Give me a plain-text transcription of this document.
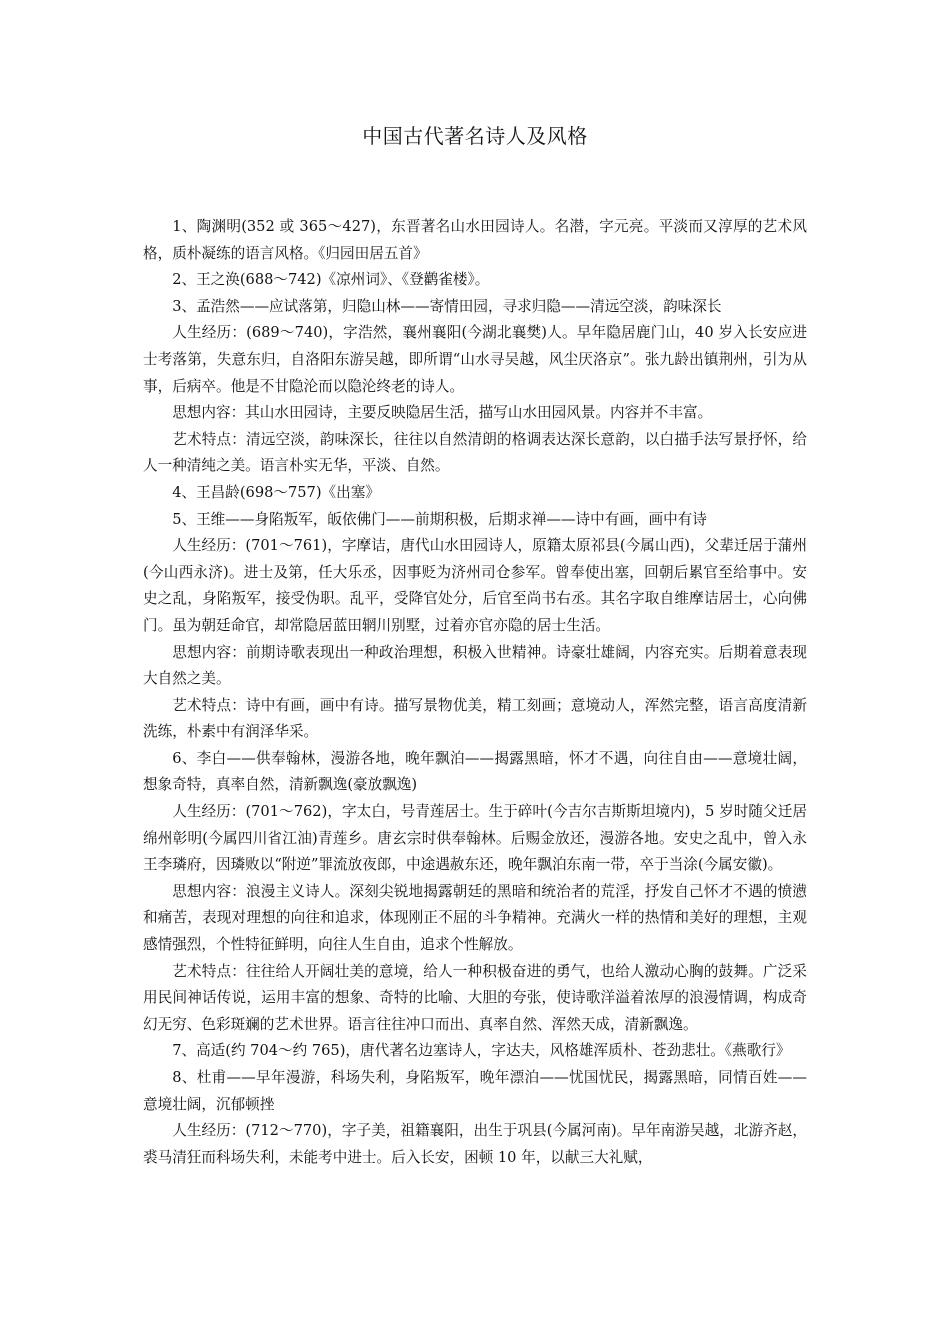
中国古代著名诗人及风格

1、陶渊明(352 或 365～427)，东晋著名山水田园诗人。名潜，字元亮。平淡而又淳厚的艺术风格，质朴凝练的语言风格。《归园田居五首》

2、王之涣(688～742)《凉州词》、《登鹳雀楼》。

3、孟浩然——应试落第，归隐山林——寄情田园，寻求归隐——清远空淡，韵味深长

人生经历：(689～740)，字浩然，襄州襄阳(今湖北襄樊)人。早年隐居鹿门山，40 岁入长安应进士考落第，失意东归，自洛阳东游吴越，即所谓“山水寻吴越，风尘厌洛京”。张九龄出镇荆州，引为从事，后病卒。他是不甘隐沦而以隐沦终老的诗人。

思想内容：其山水田园诗，主要反映隐居生活，描写山水田园风景。内容并不丰富。

艺术特点：清远空淡，韵味深长，往往以自然清朗的格调表达深长意韵，以白描手法写景抒怀，给人一种清纯之美。语言朴实无华，平淡、自然。

4、王昌龄(698～757)《出塞》

5、王维——身陷叛军，皈依佛门——前期积极，后期求禅——诗中有画，画中有诗

人生经历：(701～761)，字摩诘，唐代山水田园诗人，原籍太原祁县(今属山西)，父辈迁居于蒲州(今山西永济)。进士及第，任大乐丞，因事贬为济州司仓参军。曾奉使出塞，回朝后累官至给事中。安史之乱，身陷叛军，接受伪职。乱平，受降官处分，后官至尚书右丞。其名字取自维摩诘居士，心向佛门。虽为朝廷命官，却常隐居蓝田辋川别墅，过着亦官亦隐的居士生活。

思想内容：前期诗歌表现出一种政治理想，积极入世精神。诗豪壮雄阔，内容充实。后期着意表现大自然之美。

艺术特点：诗中有画，画中有诗。描写景物优美，精工刻画；意境动人，浑然完整，语言高度清新洗练，朴素中有润泽华采。

6、李白——供奉翰林，漫游各地，晚年飘泊——揭露黑暗，怀才不遇，向往自由——意境壮阔，想象奇特，真率自然，清新飘逸(豪放飘逸)

人生经历：(701～762)，字太白，号青莲居士。生于碎叶(今吉尔吉斯斯坦境内)，5 岁时随父迁居绵州彰明(今属四川省江油)青莲乡。唐玄宗时供奉翰林。后赐金放还，漫游各地。安史之乱中，曾入永王李璘府，因璘败以“附逆”罪流放夜郎，中途遇赦东还，晚年飘泊东南一带，卒于当涂(今属安徽)。

思想内容：浪漫主义诗人。深刻尖锐地揭露朝廷的黑暗和统治者的荒淫，抒发自己怀才不遇的愤懑和痛苦，表现对理想的向往和追求，体现刚正不屈的斗争精神。充满火一样的热情和美好的理想，主观感情强烈，个性特征鲜明，向往人生自由，追求个性解放。

艺术特点：往往给人开阔壮美的意境，给人一种积极奋进的勇气，也给人激动心胸的鼓舞。广泛采用民间神话传说，运用丰富的想象、奇特的比喻、大胆的夸张，使诗歌洋溢着浓厚的浪漫情调，构成奇幻无穷、色彩斑斓的艺术世界。语言往往冲口而出、真率自然、浑然天成，清新飘逸。

7、高适(约 704～约 765)，唐代著名边塞诗人，字达夫，风格雄浑质朴、苍劲悲壮。《燕歌行》

8、杜甫——早年漫游，科场失利，身陷叛军，晚年漂泊——忧国忧民，揭露黑暗，同情百姓——意境壮阔，沉郁顿挫

人生经历：(712～770)，字子美，祖籍襄阳，出生于巩县(今属河南)。早年南游吴越，北游齐赵，裘马清狂而科场失利，未能考中进士。后入长安，困顿 10 年，以献三大礼赋，
